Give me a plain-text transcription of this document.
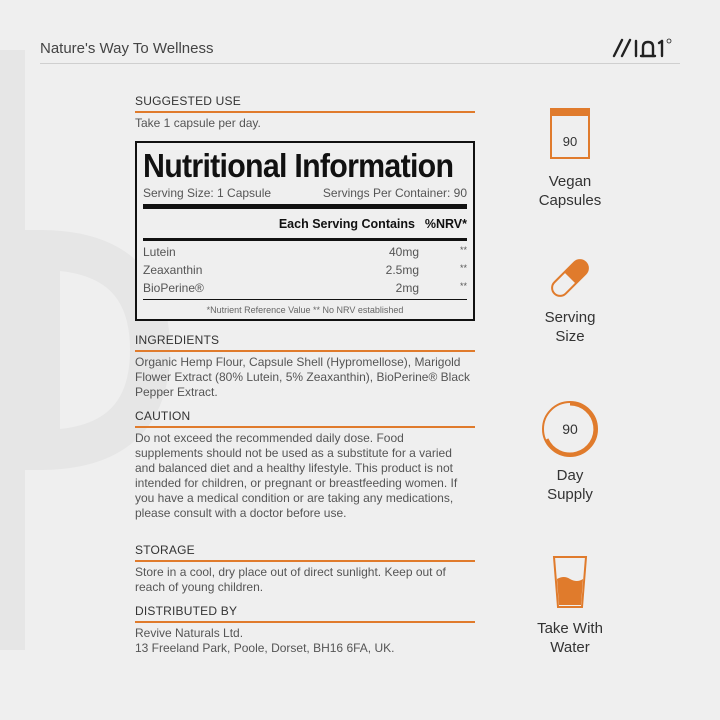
Nature's Way To Wellness
SUGGESTED USE
Take 1 capsule per day.
Nutritional Information
Serving Size: 1 Capsule	Servings Per Container: 90
Each Serving Contains %NRV*
Lutein	40mg	**
Zeaxanthin	2.5mg	**
BioPerine®	2mg	**
*Nutrient Reference Value ** No NRV established
INGREDIENTS
Organic Hemp Flour, Capsule Shell (Hypromellose), Marigold Flower Extract (80% Lutein, 5% Zeaxanthin), BioPerine® Black Pepper Extract.
CAUTION
Do not exceed the recommended daily dose. Food supplements should not be used as a substitute for a varied and balanced diet and a healthy lifestyle. This product is not intended for children, or pregnant or breastfeeding women. If you have a medical condition or are taking any medications, please consult with a doctor before use.
STORAGE
Store in a cool, dry place out of direct sunlight. Keep out of reach of young children.
DISTRIBUTED BY
Revive Naturals Ltd.
13 Freeland Park, Poole, Dorset, BH16 6FA, UK.
90
Vegan
Capsules
Serving
Size
90
Day
Supply
Take With
Water
